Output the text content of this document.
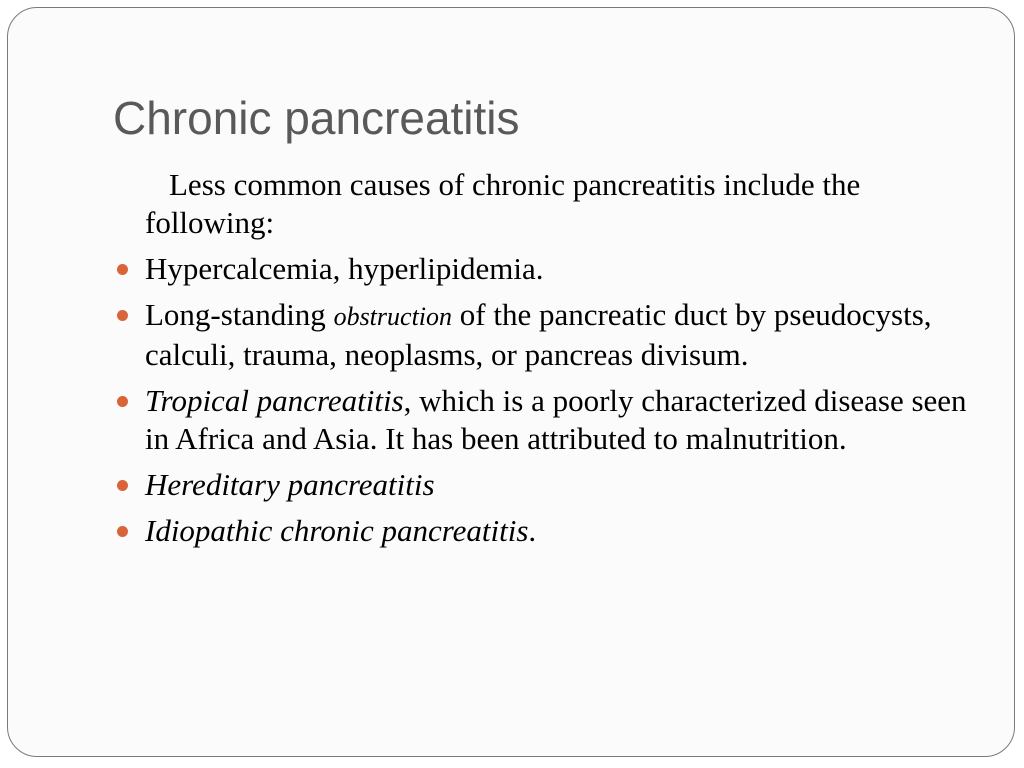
Chronic pancreatitis

Less common causes of chronic pancreatitis include the following:

Hypercalcemia, hyperlipidemia.
Long-standing obstruction of the pancreatic duct by pseudocysts, calculi, trauma, neoplasms, or pancreas divisum.
Tropical pancreatitis, which is a poorly characterized disease seen in Africa and Asia. It has been attributed to malnutrition.
Hereditary pancreatitis
Idiopathic chronic pancreatitis.
